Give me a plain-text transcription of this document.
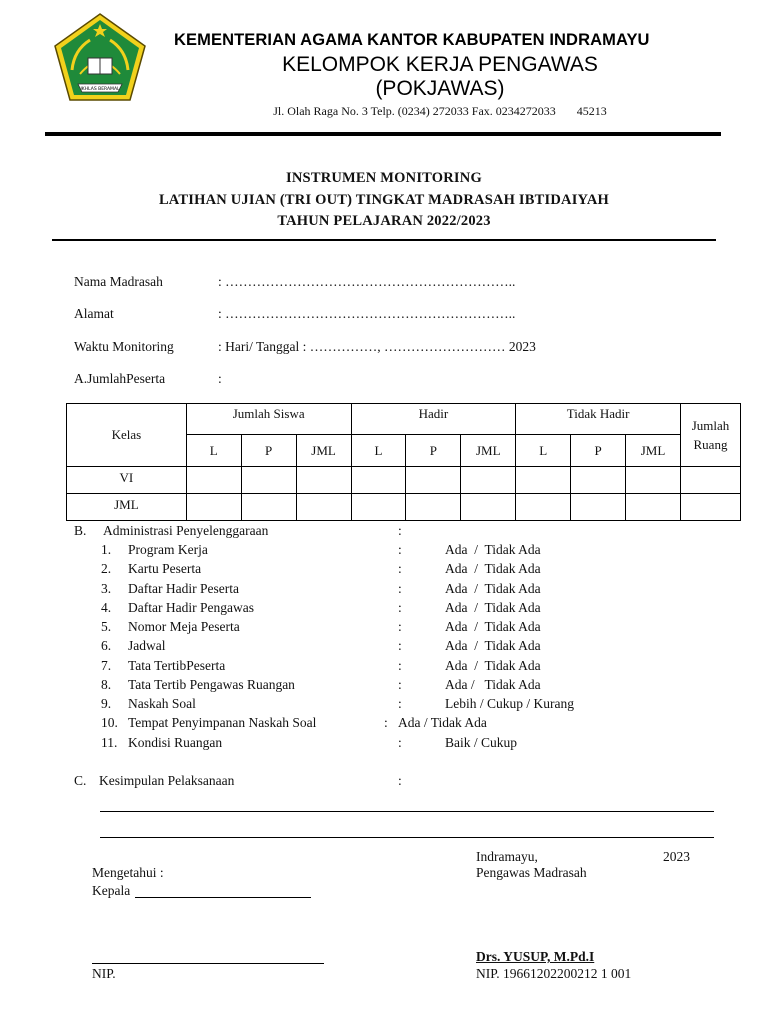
IKHLAS BERAMAL
KEMENTERIAN AGAMA KANTOR KABUPATEN INDRAMAYU
KELOMPOK KERJA PENGAWAS
(POKJAWAS)
Jl. Olah Raga No. 3 Telp. (0234) 272033 Fax. 0234272033       45213
INSTRUMEN MONITORING
LATIHAN UJIAN (TRI OUT) TINGKAT MADRASAH IBTIDAIYAH
TAHUN PELAJARAN 2022/2023
Nama Madrasah	: ………………………………………………………..
Alamat	: ………………………………………………………..
Waktu Monitoring	: Hari/ Tanggal : ……………, ……………………… 2023
A.JumlahPeserta	:
Kelas	Jumlah Siswa			Hadir			Tidak Hadir			Jumlah
Ruang
	L	P	JML	L	P	JML	L	P	JML	
VI										
JML										
B. Administrasi Penyelenggaraan	:
1. Program Kerja	:	Ada  /  Tidak Ada
2. Kartu Peserta	:	Ada  /  Tidak Ada
3. Daftar Hadir Peserta	:	Ada  /  Tidak Ada
4. Daftar Hadir Pengawas	:	Ada  /  Tidak Ada
5. Nomor Meja Peserta	:	Ada  /  Tidak Ada
6. Jadwal	:	Ada  /  Tidak Ada
7. Tata TertibPeserta	:	Ada  /  Tidak Ada
8. Tata Tertib Pengawas Ruangan	:	Ada /   Tidak Ada
9. Naskah Soal	:	Lebih / Cukup / Kurang
10. Tempat Penyimpanan Naskah Soal	: Ada / Tidak Ada
11. Kondisi Ruangan	:	Baik / Cukup
C. Kesimpulan Pelaksanaan	:
Indramayu,	2023
Mengetahui :	Pengawas Madrasah
Kepala
Drs. YUSUP, M.Pd.I
NIP.	NIP. 19661202200212 1 001
